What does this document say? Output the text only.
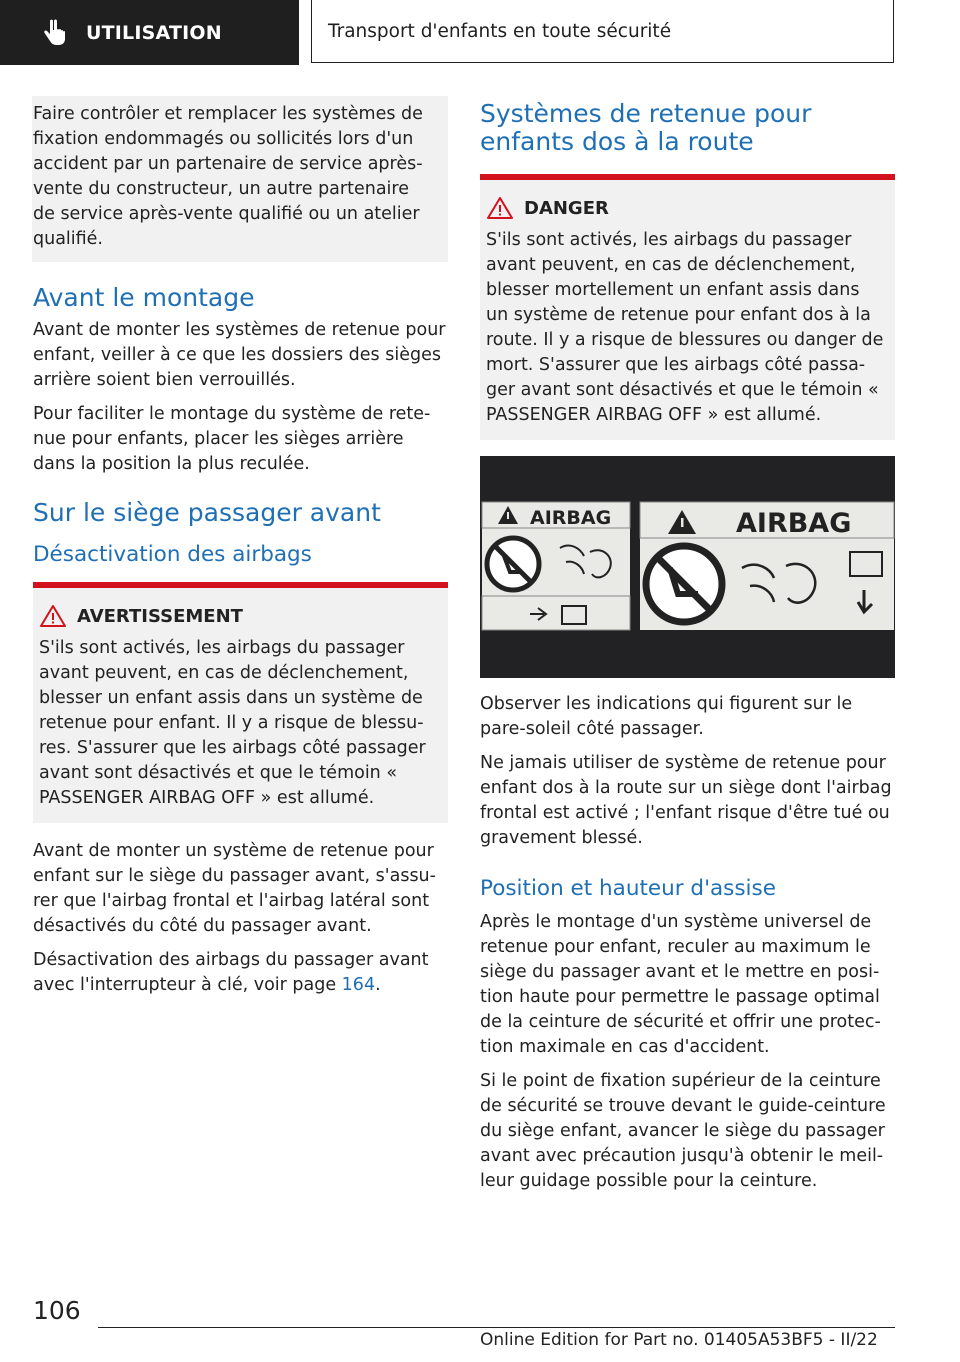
UTILISATION	Transport d'enfants en toute sécurité

Faire contrôler et remplacer les systèmes de fixation endommagés ou sollicités lors d'un accident par un partenaire de service après-vente du constructeur, un autre partenaire de service après-vente qualifié ou un atelier qualifié.

Avant le montage

Avant de monter les systèmes de retenue pour enfant, veiller à ce que les dossiers des sièges arrière soient bien verrouillés.

Pour faciliter le montage du système de rete-nue pour enfants, placer les sièges arrière dans la position la plus reculée.

Sur le siège passager avant
Désactivation des airbags
AVERTISSEMENT

S'ils sont activés, les airbags du passager avant peuvent, en cas de déclenchement, blesser un enfant assis dans un système de retenue pour enfant. Il y a risque de blessu-res. S'assurer que les airbags côté passager avant sont désactivés et que le témoin « PASSENGER AIRBAG OFF » est allumé.

Avant de monter un système de retenue pour enfant sur le siège du passager avant, s'assu-rer que l'airbag frontal et l'airbag latéral sont désactivés du côté du passager avant.

Désactivation des airbags du passager avant avec l'interrupteur à clé, voir page 164.

Systèmes de retenue pour enfants dos à la route
DANGER

S'ils sont activés, les airbags du passager avant peuvent, en cas de déclenchement, blesser mortellement un enfant assis dans un système de retenue pour enfant dos à la route. Il y a risque de blessures ou danger de mort. S'assurer que les airbags côté passa-ger avant sont désactivés et que le témoin « PASSENGER AIRBAG OFF » est allumé.

AIRBAG	AIRBAG

Observer les indications qui figurent sur le pare-soleil côté passager.

Ne jamais utiliser de système de retenue pour enfant dos à la route sur un siège dont l'airbag frontal est activé ; l'enfant risque d'être tué ou gravement blessé.

Position et hauteur d'assise

Après le montage d'un système universel de retenue pour enfant, reculer au maximum le siège du passager avant et le mettre en posi-tion haute pour permettre le passage optimal de la ceinture de sécurité et offrir une protec-tion maximale en cas d'accident.

Si le point de fixation supérieur de la ceinture de sécurité se trouve devant le guide-ceinture du siège enfant, avancer le siège du passager avant avec précaution jusqu'à obtenir le meil-leur guidage possible pour la ceinture.

106
Online Edition for Part no. 01405A53BF5 - II/22
